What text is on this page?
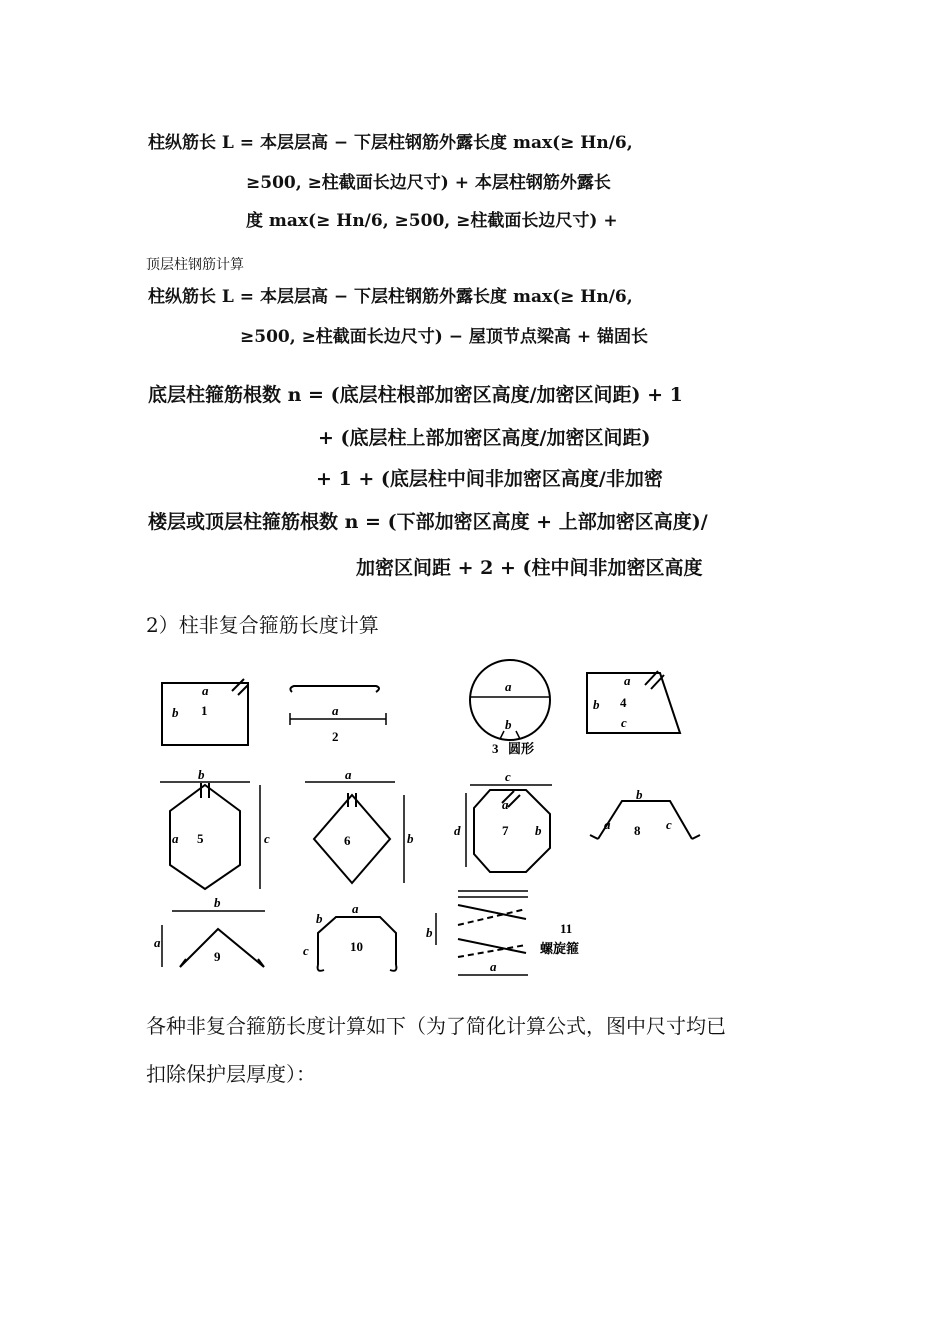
柱纵筋长 L = 本层层高 − 下层柱钢筋外露长度 max(≥ Hn/6,
≥500, ≥柱截面长边尺寸) + 本层柱钢筋外露长
度 max(≥ Hn/6, ≥500, ≥柱截面长边尺寸) +
顶层柱钢筋计算
柱纵筋长 L = 本层层高 − 下层柱钢筋外露长度 max(≥ Hn/6,
≥500, ≥柱截面长边尺寸) − 屋顶节点梁高 + 锚固长
底层柱箍筋根数 n = (底层柱根部加密区高度/加密区间距) + 1
+ (底层柱上部加密区高度/加密区间距)
+ 1 + (底层柱中间非加密区高度/非加密
楼层或顶层柱箍筋根数 n = (下部加密区高度 + 上部加密区高度)/
加密区间距 + 2 + (柱中间非加密区高度
2）柱非复合箍筋长度计算
a
b	a
a
b
a
b
c
b
a	c
a
b
c
a
b
d
b
a	c
b
a
a
b
c
b
a
1
2
3 圆形
4
5	6
7	8
9
10
11
螺旋箍
各种非复合箍筋长度计算如下（为了简化计算公式，图中尺寸均已
扣除保护层厚度）：
